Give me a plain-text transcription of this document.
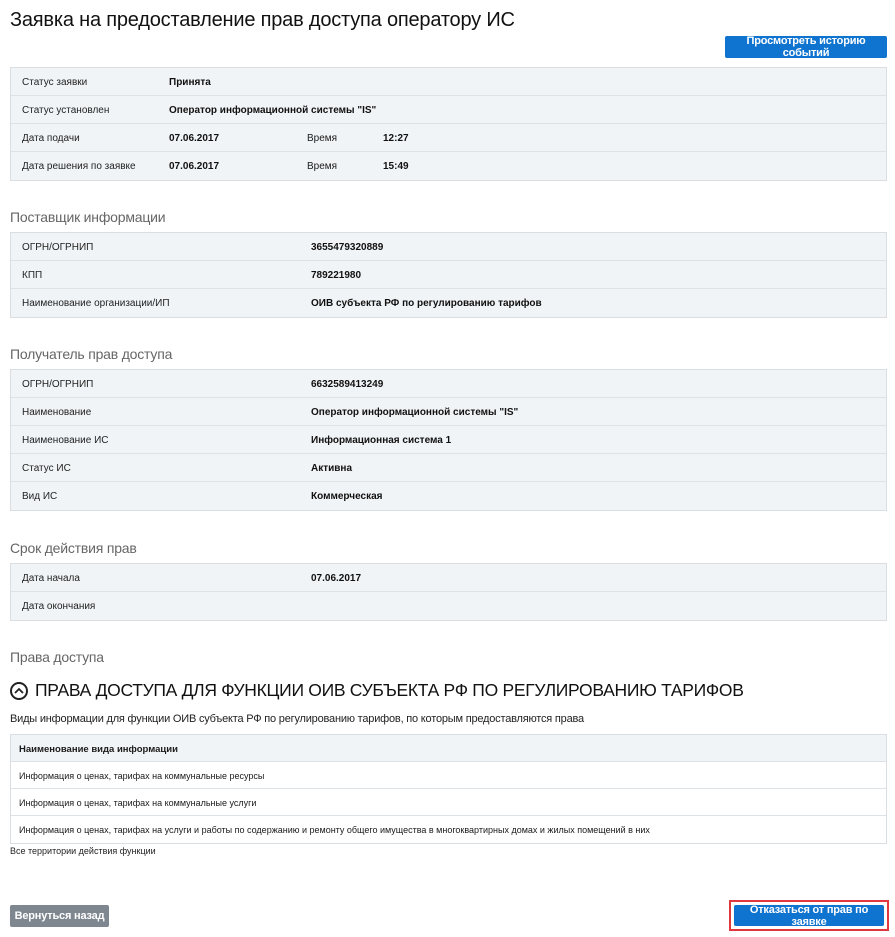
Заявка на предоставление прав доступа оператору ИС
Просмотреть историю событий
Статус заявки	Принята
Статус установлен	Оператор информационной системы "IS"
Дата подачи	07.06.2017	Время	12:27
Дата решения по заявке	07.06.2017	Время	15:49
Поставщик информации
ОГРН/ОГРНИП	3655479320889
КПП	789221980
Наименование организации/ИП	ОИВ субъекта РФ по регулированию тарифов
Получатель прав доступа
ОГРН/ОГРНИП	6632589413249
Наименование	Оператор информационной системы "IS"
Наименование ИС	Информационная система 1
Статус ИС	Активна
Вид ИС	Коммерческая
Срок действия прав
Дата начала	07.06.2017
Дата окончания
Права доступа
ПРАВА ДОСТУПА ДЛЯ ФУНКЦИИ ОИВ СУБЪЕКТА РФ ПО РЕГУЛИРОВАНИЮ ТАРИФОВ
Виды информации для функции ОИВ субъекта РФ по регулированию тарифов, по которым предоставляются права
Наименование вида информации
Информация о ценах, тарифах на коммунальные ресурсы
Информация о ценах, тарифах на коммунальные услуги
Информация о ценах, тарифах на услуги и работы по содержанию и ремонту общего имущества в многоквартирных домах и жилых помещений в них
Все территории действия функции
Вернуться назад
Отказаться от прав по заявке
